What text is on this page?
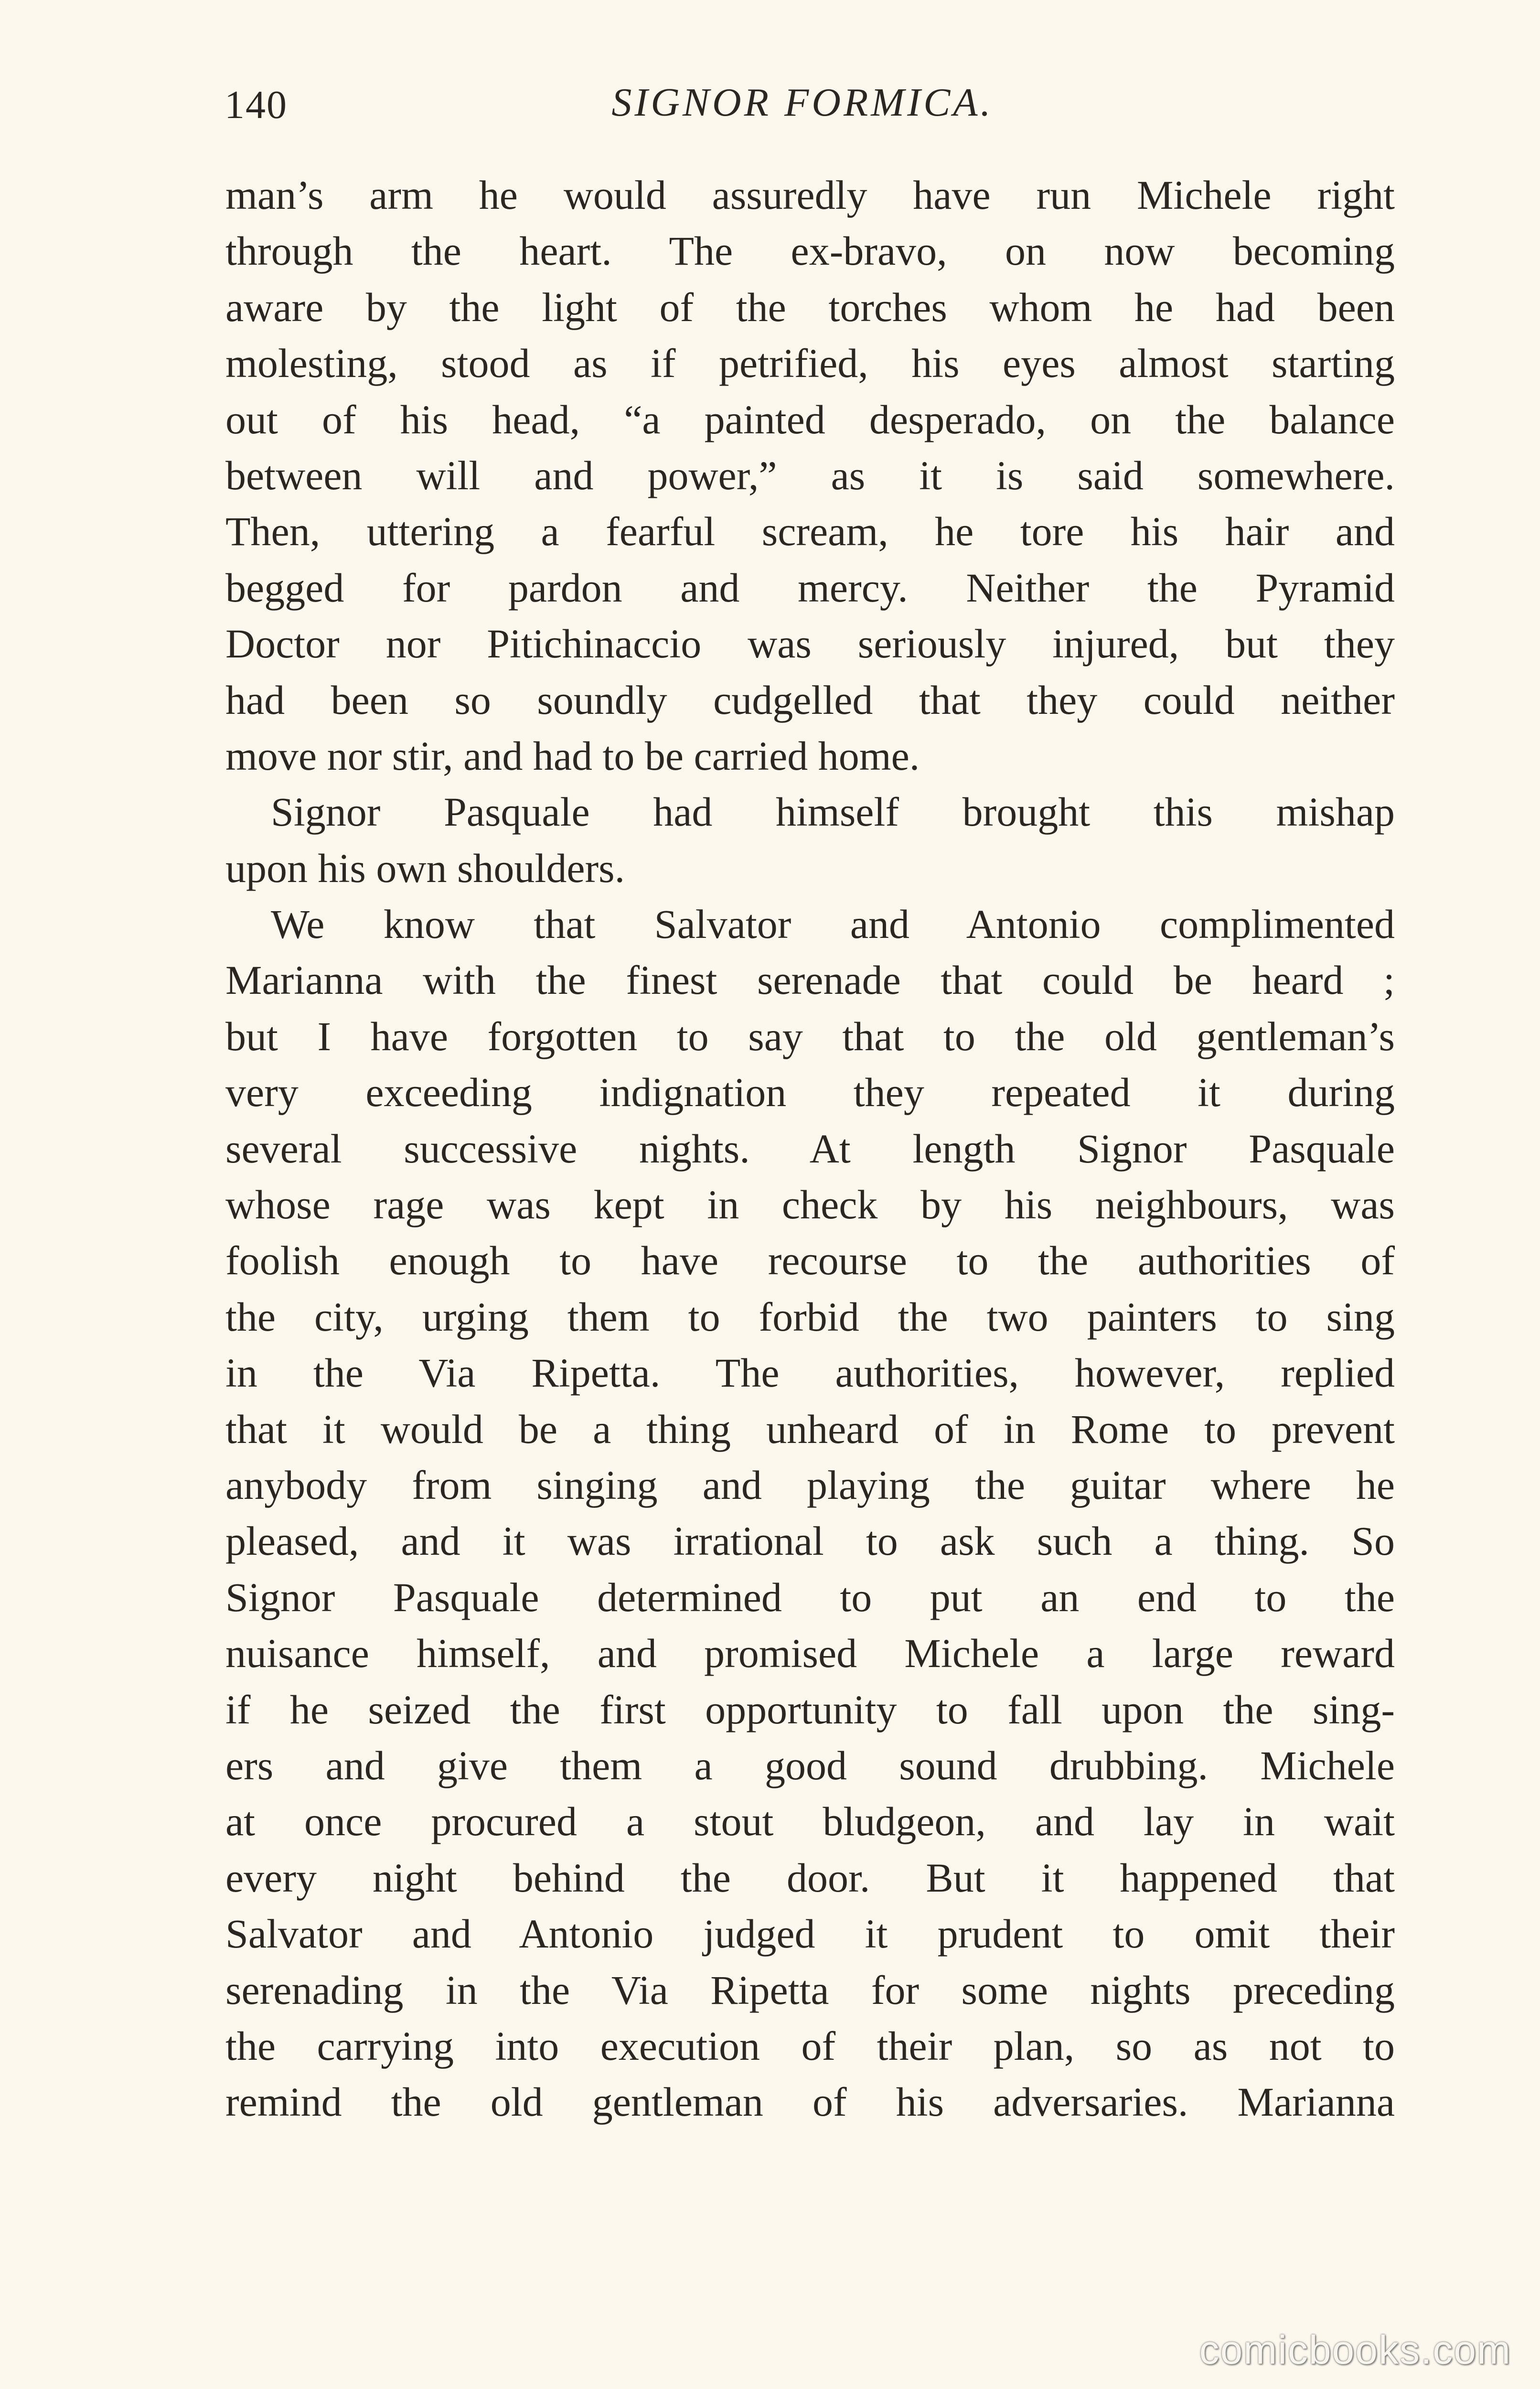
140	SIGNOR FORMICA.
man’s arm he would assuredly have run Michele right
through the heart. The ex-bravo, on now becoming
aware by the light of the torches whom he had been
molesting, stood as if petrified, his eyes almost starting
out of his head, “a painted desperado, on the balance
between will and power,” as it is said somewhere.
Then, uttering a fearful scream, he tore his hair and
begged for pardon and mercy. Neither the Pyramid
Doctor nor Pitichinaccio was seriously injured, but they
had been so soundly cudgelled that they could neither
move nor stir, and had to be carried home.
Signor Pasquale had himself brought this mishap
upon his own shoulders.
We know that Salvator and Antonio complimented
Marianna with the finest serenade that could be heard ;
but I have forgotten to say that to the old gentleman’s
very exceeding indignation they repeated it during
several successive nights. At length Signor Pasquale
whose rage was kept in check by his neighbours, was
foolish enough to have recourse to the authorities of
the city, urging them to forbid the two painters to sing
in the Via Ripetta. The authorities, however, replied
that it would be a thing unheard of in Rome to prevent
anybody from singing and playing the guitar where he
pleased, and it was irrational to ask such a thing. So
Signor Pasquale determined to put an end to the
nuisance himself, and promised Michele a large reward
if he seized the first opportunity to fall upon the sing-
ers and give them a good sound drubbing. Michele
at once procured a stout bludgeon, and lay in wait
every night behind the door. But it happened that
Salvator and Antonio judged it prudent to omit their
serenading in the Via Ripetta for some nights preceding
the carrying into execution of their plan, so as not to
remind the old gentleman of his adversaries. Marianna
comicbooks.com
